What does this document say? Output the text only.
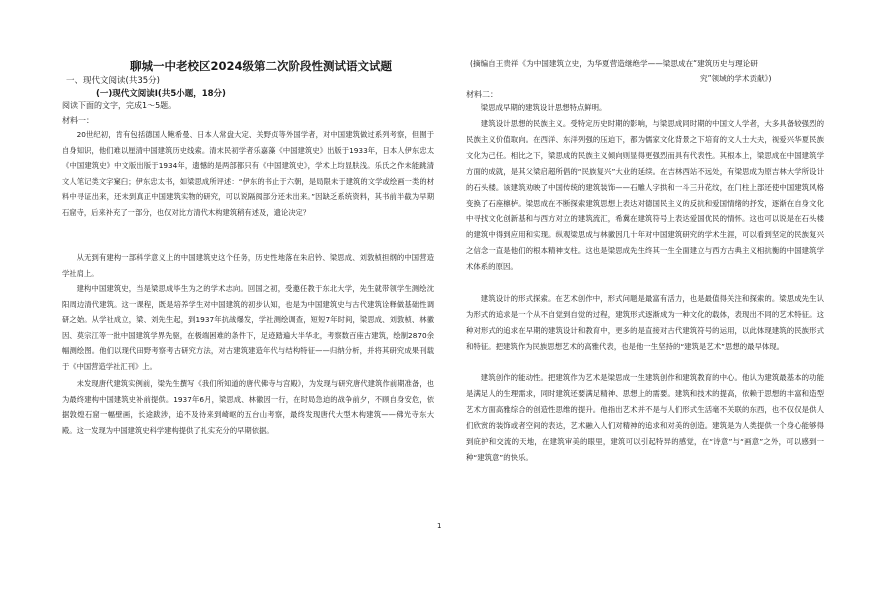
聊城一中老校区2024级第二次阶段性测试语文试题
一、现代文阅读(共35分)
(一)现代文阅读Ⅰ(共5小题，18分)
阅读下面的文字，完成1～5题。
材料一：

20世纪初，肯有包括德国人鲍希曼、日本人常盘大定、关野贞等外国学者，对中国建筑做过系列考察，但囿于自身知识，他们难以厘清中国建筑历史线索。清末民初学者乐嘉藻《中国建筑史》出版于1933年，日本人伊东忠太《中国建筑史》中文版出版于1934年，遗憾的是两部都只有《中国建筑史》，学术上均显肤浅。乐氏之作未能跳清文人笔记类文字窠臼；伊东忠太书，如梁思成所评述：“伊东的书止于六朝，是局限未于建筑的文学或绘画一类的材料中寻证出来，还未到真正中国建筑实物的研究，可以说隔阂部分还未出来。”因缺乏系统资料，其书前半截为早期石窟寺，后来补充了一部分，也仅对比方清代木构建筑稍有述及，遗论决定？

从无到有建构一部科学意义上的中国建筑史这个任务，历史性地落在朱启钤、梁思成、刘敦桢担纲的中国营造学社肩上。

建构中国建筑史，当是梁思成毕生为之的学术志向。回国之初，受邀任教于东北大学，先生就带领学生测绘沈阳周边清代建筑。这一课程，既是培养学生对中国建筑的初步认知，也是为中国建筑史与古代建筑诠释做基础性调研之始。从学社成立，梁、刘先生起，到1937年抗战爆发，学社测绘调查，短短7年时间，梁思成、刘敦桢、林徽因、莫宗江等一批中国建筑学界先驱，在极端困难的条件下，足迹踏遍大半华北，考察数百座古建筑，绘制2870余幅测绘图。他们以现代田野考察考古研究方法，对古建筑建造年代与结构特征——归纳分析，并将其研究成果刊载于《中国营造学社汇刊》上。

未发现唐代建筑实例前，梁先生撰写《我们所知道的唐代佛寺与宫殿》，为发现与研究唐代建筑作前期准备，也为最终建构中国建筑史补前提供。1937年6月，梁思成、林徽因一行，在时局急迫的战争前夕，不顾自身安危，依据敦煌石窟一幅壁画，长途跋涉，追不及待来到崎岖的五台山考察，最终发现唐代大型木构建筑——佛光寺东大殿。这一发现为中国建筑史科学建构提供了扎实充分的早期依据。

(摘编自王贵祥《为中国建筑立史，为华夏营造继绝学——梁思成在“建筑历史与理论研
究”领域的学术贡献》)
材料二：

梁思成早期的建筑设计思想特点鲜明。

建筑设计思想的民族主义。受特定历史时期的影响，与梁思成同时期的中国文人学者，大多具备较强烈的民族主义价值取向。在西洋、东洋列强的压迫下，都为儒家文化背景之下培育的文人士大夫，视爱兴华夏民族文化为己任。相比之下，梁思成的民族主义倾向则显得更强烈而具有代表性。其根本上，梁思成在中国建筑学方面的成就，是其父梁启超所倡的“民族复兴”大业的延续。在吉林西站不远处，有梁思成为原吉林大学所设计的石头楼。该建筑劝映了中国传统的建筑装饰——石雕人字拱和一斗三升花纹，在门柱上部还使中国建筑风格变换了石座檩栌。梁思成在不断探索建筑思想上表达对德国民主义的反抗和爱国情绪的抒发，逐渐在自身文化中寻找文化创新基和与西方对立的建筑流汇，希冀在建筑符号上表达爱国优民的情怀。这也可以说是在石头楼的建筑中得到应用和实现。纵观梁思成与林徽因几十年对中国建筑研究的学术生涯，可以看到坚定的民族复兴之信念一直是他们的根本精神支柱。这也是梁思成先生终其一生全面建立与西方古典主义相抗衡的中国建筑学术体系的原因。

建筑设计的形式探索。在艺术创作中，形式问题是最富有活力，也是最值得关注和探索的。梁思成先生认为形式的追求是一个从不自觉到自觉的过程，建筑形式逐渐成为一种文化的载体，表现出不同的艺术特征。这种对形式的追求在早期的建筑设计和教育中，更多的是直接对古代建筑符号的运用，以此体现建筑的民族形式和特征。把建筑作为民族思想艺术的高雅代表，也是他一生坚持的“建筑是艺术”思想的最早体现。

建筑创作的能动性。把建筑作为艺术是梁思成一生建筑创作和建筑教育的中心。他认为建筑最基本的功能是满足人的生理需求，同时建筑还要满足精神、思想上的需要。建筑和技术的提高，依赖于思想的丰富和造型艺术方面高雅综合的创造性思维的提升。他指出艺术并不是与人们形式生活毫不关联的东西，也不仅仅是供人们欣赏的装饰或者空间的表达，艺术融入人们对精神的追求和对美的创造。建筑是为人类提供一个身心能够得到庇护和交流的天地，在建筑审美的眼里，建筑可以引起特异的感觉，在“诗意”与“画意”之外，可以感到一种“建筑意”的快乐。

1
